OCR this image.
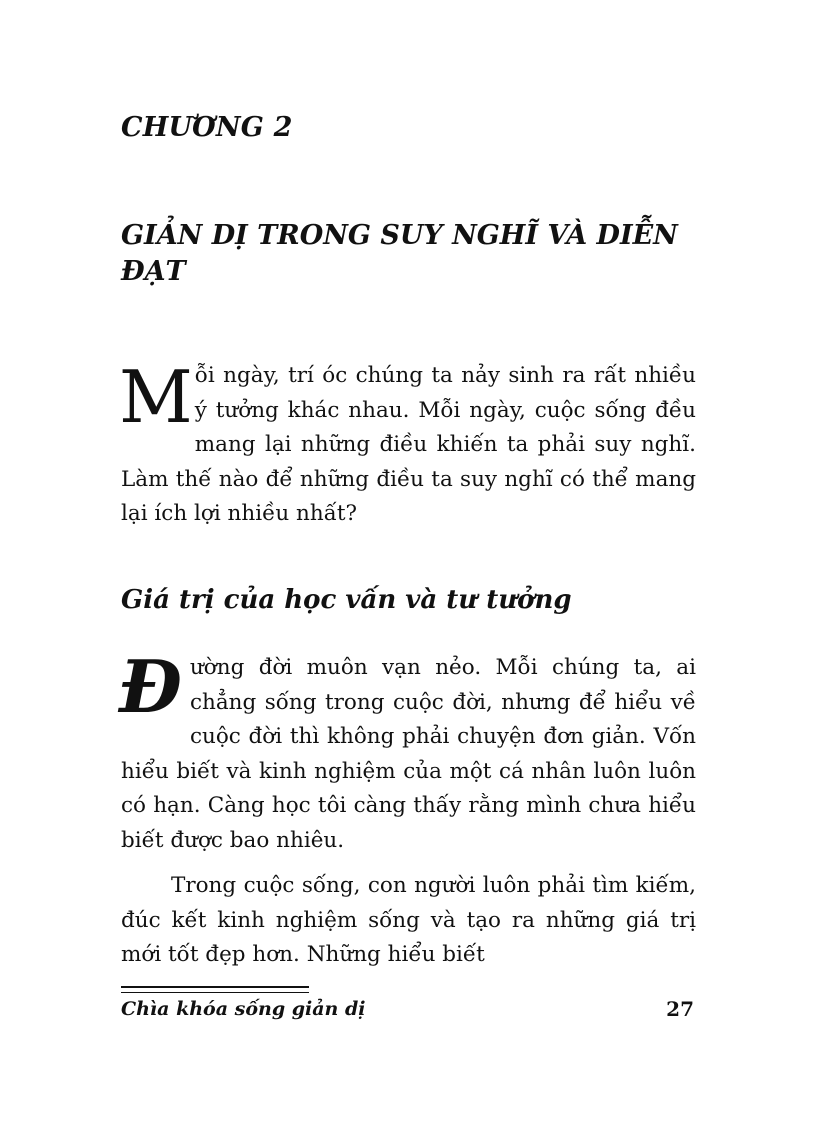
CHƯƠNG 2
GIẢN DỊ TRONG SUY NGHĨ VÀ DIỄN ĐẠT

Mỗi ngày, trí óc chúng ta nảy sinh ra rất nhiều ý tưởng khác nhau. Mỗi ngày, cuộc sống đều mang lại những điều khiến ta phải suy nghĩ. Làm thế nào để những điều ta suy nghĩ có thể mang lại ích lợi nhiều nhất?

Giá trị của học vấn và tư tưởng

Đường đời muôn vạn nẻo. Mỗi chúng ta, ai chẳng sống trong cuộc đời, nhưng để hiểu về cuộc đời thì không phải chuyện đơn giản. Vốn hiểu biết và kinh nghiệm của một cá nhân luôn luôn có hạn. Càng học tôi càng thấy rằng mình chưa hiểu biết được bao nhiêu.

Trong cuộc sống, con người luôn phải tìm kiếm, đúc kết kinh nghiệm sống và tạo ra những giá trị mới tốt đẹp hơn. Những hiểu biết

Chìa khóa sống giản dị	27
